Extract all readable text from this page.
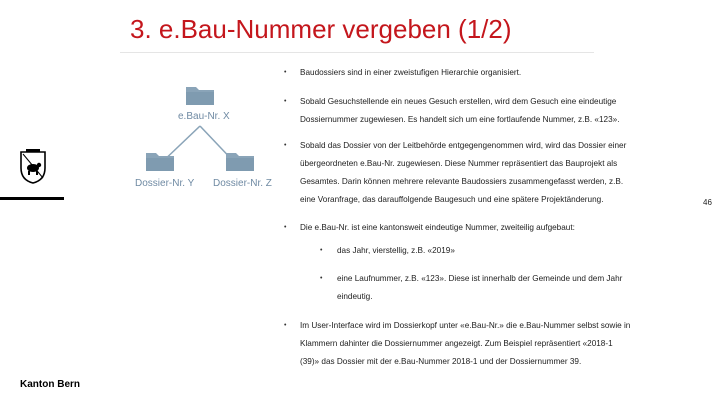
3. e.Bau-Nummer vergeben (1/2)
e.Bau-Nr. X
Dossier-Nr. Y Dossier-Nr. Z
Kanton Bern
46
• Baudossiers sind in einer zweistufigen Hierarchie organisiert.
• Sobald Gesuchstellende ein neues Gesuch erstellen, wird dem Gesuch eine eindeutige
Dossiernummer zugewiesen. Es handelt sich um eine fortlaufende Nummer, z.B. «123».
• Sobald das Dossier von der Leitbehörde entgegengenommen wird, wird das Dossier einer
übergeordneten e.Bau-Nr. zugewiesen. Diese Nummer repräsentiert das Bauprojekt als
Gesamtes. Darin können mehrere relevante Baudossiers zusammengefasst werden, z.B.
eine Voranfrage, das darauffolgende Baugesuch und eine spätere Projektänderung.
• Die e.Bau-Nr. ist eine kantonsweit eindeutige Nummer, zweiteilig aufgebaut:
• das Jahr, vierstellig, z.B. «2019»
• eine Laufnummer, z.B. «123». Diese ist innerhalb der Gemeinde und dem Jahr
eindeutig.
• Im User-Interface wird im Dossierkopf unter «e.Bau-Nr.» die e.Bau-Nummer selbst sowie in
Klammern dahinter die Dossiernummer angezeigt. Zum Beispiel repräsentiert «2018-1
(39)» das Dossier mit der e.Bau-Nummer 2018-1 und der Dossiernummer 39.
